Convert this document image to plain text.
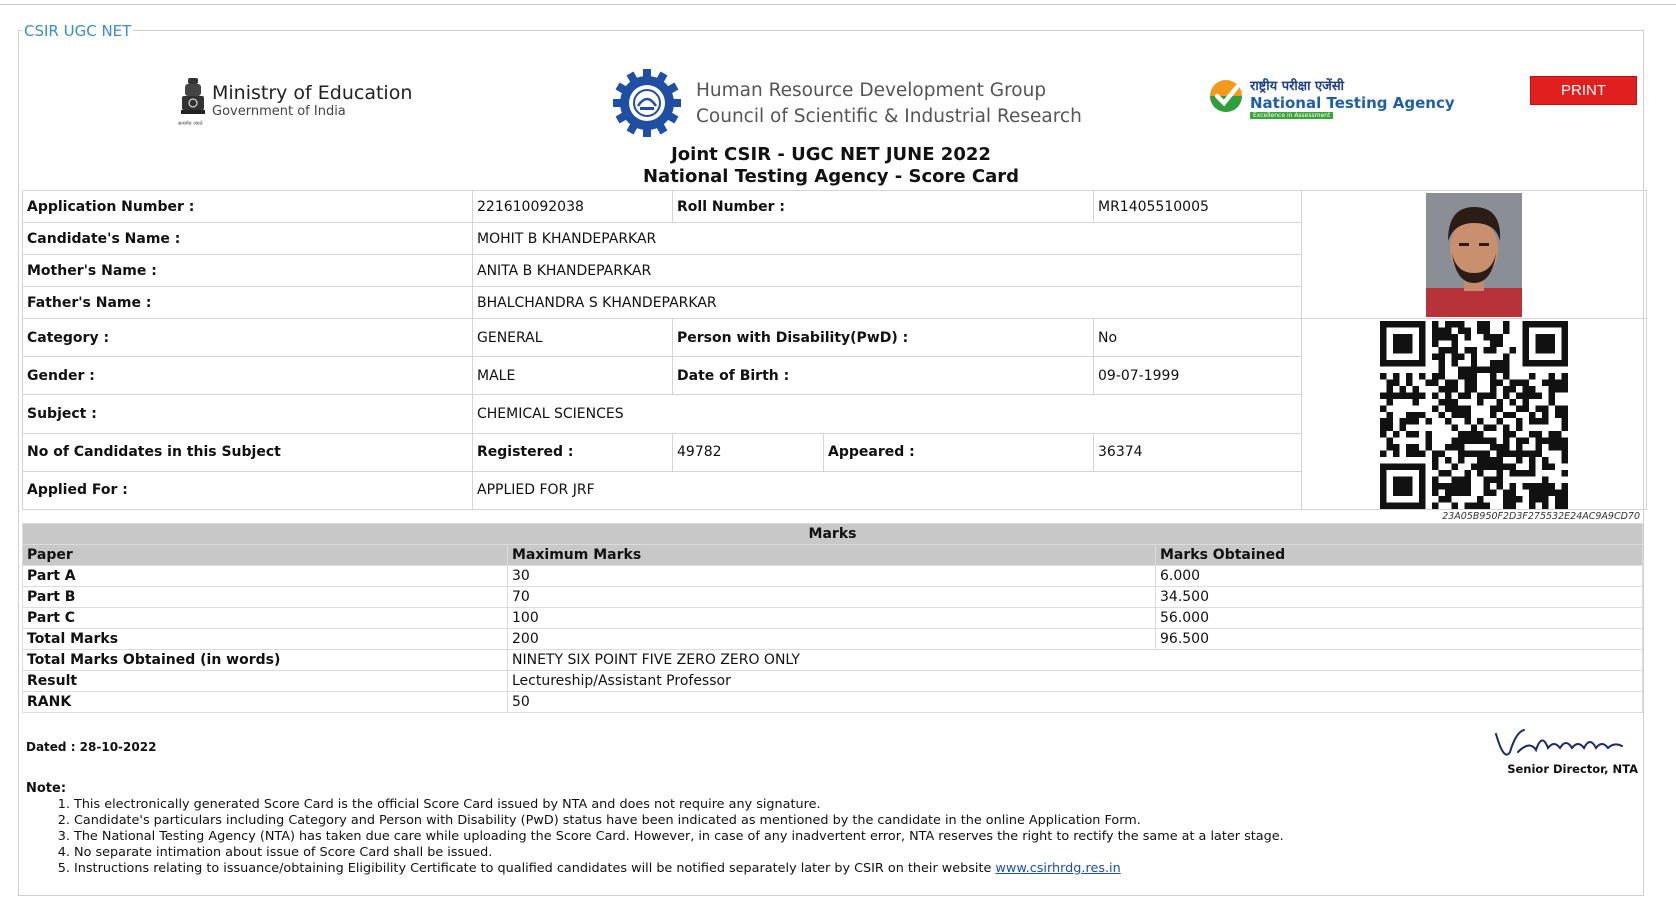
CSIR UGC NET
सत्यमेव जयते
Ministry of Education
Government of India
Human Resource Development Group
Council of Scientific & Industrial Research
राष्ट्रीय परीक्षा एजेंसी
National Testing Agency
Excellence in Assessment
PRINT
Joint CSIR - UGC NET JUNE 2022
National Testing Agency - Score Card
Application Number :	221610092038	Roll Number :		MR1405510005	

Candidate's Name :	MOHIT B KHANDEPARKAR				
Mother's Name :	ANITA B KHANDEPARKAR				
Father's Name :	BHALCHANDRA S KHANDEPARKAR				
Category :	GENERAL	Person with Disability(PwD) :		No	

Gender :	MALE	Date of Birth :		09-07-1999	
Subject :	CHEMICAL SCIENCES				
No of Candidates in this Subject	Registered :	49782	Appeared :	36374	
Applied For :	APPLIED FOR JRF				
23A05B950F2D3F275532E24AC9A9CD70
Marks		
Paper	Maximum Marks	Marks Obtained
Part A	30	6.000
Part B	70	34.500
Part C	100	56.000
Total Marks	200	96.500
Total Marks Obtained (in words)	NINETY SIX POINT FIVE ZERO ZERO ONLY	
Result	Lectureship/Assistant Professor	
RANK	50	
Dated : 28-10-2022
Senior Director, NTA
Note:
1. This electronically generated Score Card is the official Score Card issued by NTA and does not require any signature.
2. Candidate's particulars including Category and Person with Disability (PwD) status have been indicated as mentioned by the candidate in the online Application Form.
3. The National Testing Agency (NTA) has taken due care while uploading the Score Card. However, in case of any inadvertent error, NTA reserves the right to rectify the same at a later stage.
4. No separate intimation about issue of Score Card shall be issued.
5. Instructions relating to issuance/obtaining Eligibility Certificate to qualified candidates will be notified separately later by CSIR on their website www.csirhrdg.res.in
